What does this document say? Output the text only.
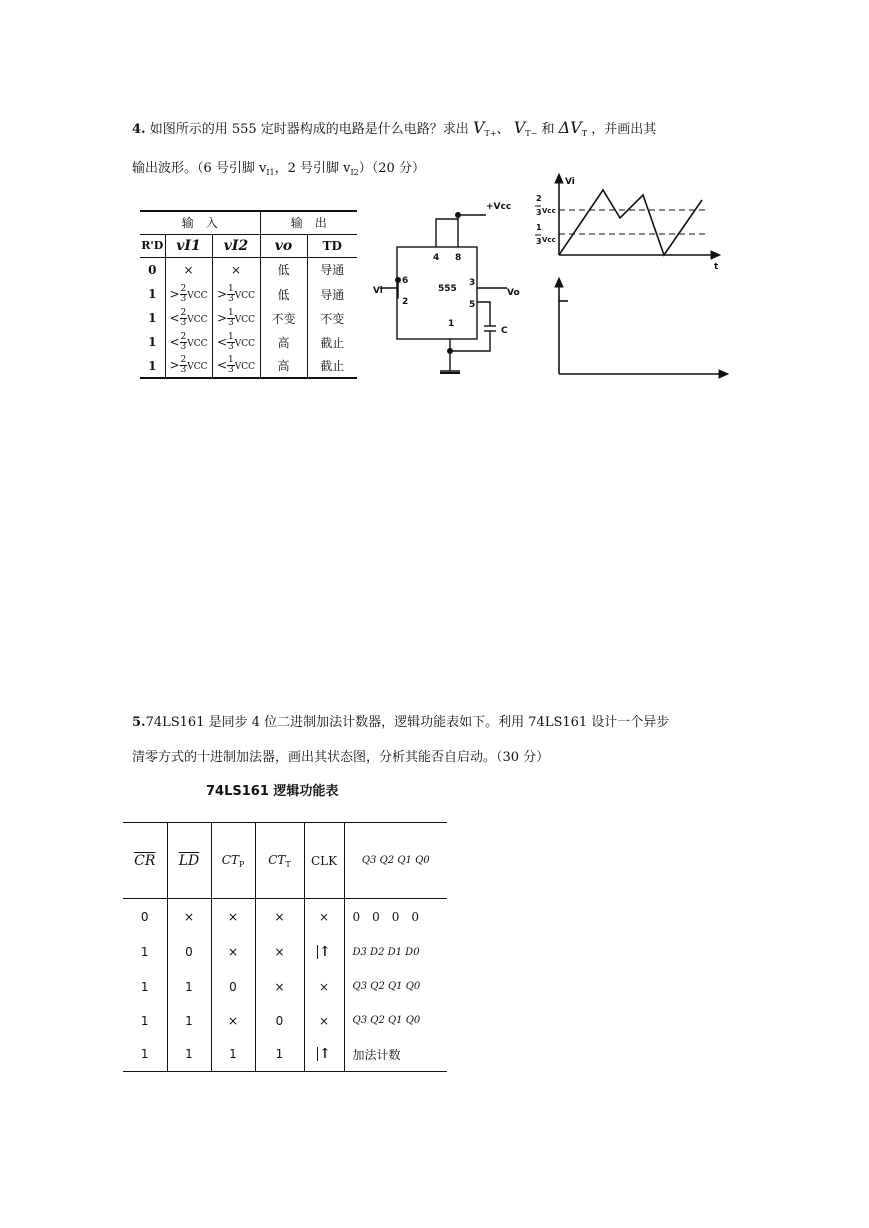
4. 如图所示的用 555 定时器构成的电路是什么电路？求出 $V_{T+}$、 $V_{T-}$ 和 $\Delta V_T$ ，并画出其
输出波形。（6 号引脚 $v_{I1}$，2 号引脚 $v_{I2})(20$ 分）
输　入			输　出	
R'D	vI1	vI2	vo	TD
0	×	×	低	导通
1	> $\frac{2}{3}$ VCC	> $\frac{1}{3}$ VCC	低	导通
1	< $\frac{2}{3}$ VCC	> $\frac{1}{3}$ VCC	不变	不变
1	< $\frac{2}{3}$ VCC	< $\frac{1}{3}$ VCC	高	截止
1	> $\frac{2}{3}$ VCC	< $\frac{1}{3}$ VCC	高	截止
+Vcc
4 8
6
2
3
5
1
555
Vi	Vo
C
Vi
t
2
3 Vcc
1
3 Vcc
5.74LS161 是同步 4 位二进制加法计数器，逻辑功能表如下。利用 74LS161 设计一个异步
清零方式的十进制加法器，画出其状态图，分析其能否自启动。（30 分）
74LS161 逻辑功能表
$\overline{CR}$	$\overline{LD}$	$CT_P$	$CT_T$	CLK	Q3 Q2 Q1 Q0
0	×	×	×	×	0　0　0　0
1	0	×	×	↑	D3 D2 D1 D0
1	1	0	×	×	Q3 Q2 Q1 Q0
1	1	×	0	×	Q3 Q2 Q1 Q0
1	1	1	1	↑	加法计数
